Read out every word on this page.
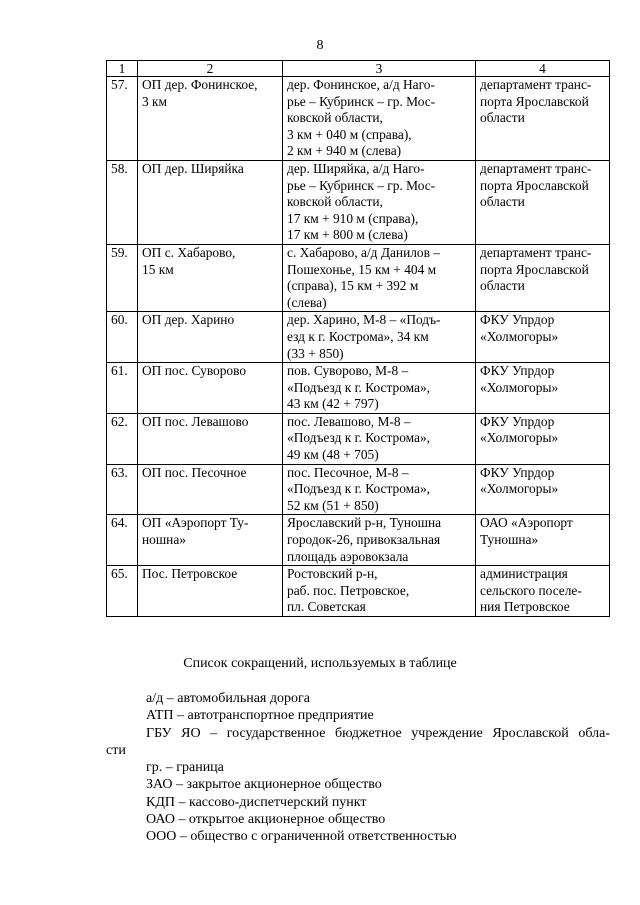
8
1	2	3	4
57.	ОП дер. Фонинское,
3 км	дер. Фонинское, а/д Наго-
рье – Кубринск – гр. Мос-
ковской области,
3 км + 040 м (справа),
2 км + 940 м (слева)	департамент транс-
порта Ярославской
области

58.	ОП дер. Ширяйка	дер. Ширяйка, а/д Наго-
рье – Кубринск – гр. Мос-
ковской области,
17 км + 910 м (справа),
17 км + 800 м (слева)	департамент транс-
порта Ярославской
области

59.	ОП с. Хабарово,
15 км	с. Хабарово, а/д Данилов –
Пошехонье, 15 км + 404 м
(справа), 15 км + 392 м
(слева)	департамент транс-
порта Ярославской
области

60.	ОП дер. Харино	дер. Харино, М-8 – «Подъ-
езд к г. Кострома», 34 км
(33 + 850)	ФКУ Упрдор
«Холмогоры»

61.	ОП пос. Суворово	пов. Суворово, М-8 –
«Подъезд к г. Кострома»,
43 км (42 + 797)	ФКУ Упрдор
«Холмогоры»

62.	ОП пос. Левашово	пос. Левашово, М-8 –
«Подъезд к г. Кострома»,
49 км (48 + 705)	ФКУ Упрдор
«Холмогоры»

63.	ОП пос. Песочное	пос. Песочное, М-8 –
«Подъезд к г. Кострома»,
52 км (51 + 850)	ФКУ Упрдор
«Холмогоры»

64.	ОП «Аэропорт Ту-
ношна»	Ярославский р-н, Туношна
городок-26, привокзальная
площадь аэровокзала	ОАО «Аэропорт
Туношна»

65.	Пос. Петровское	Ростовский р-н,
раб. пос. Петровское,
пл. Советская	администрация
сельского поселе-
ния Петровское
Список сокращений, используемых в таблице
а/д – автомобильная дорога
АТП – автотранспортное предприятие
ГБУ ЯО – государственное бюджетное учреждение Ярославской обла-
сти
гр. – граница
ЗАО – закрытое акционерное общество
КДП – кассово-диспетчерский пункт
ОАО – открытое акционерное общество
ООО – общество с ограниченной ответственностью
